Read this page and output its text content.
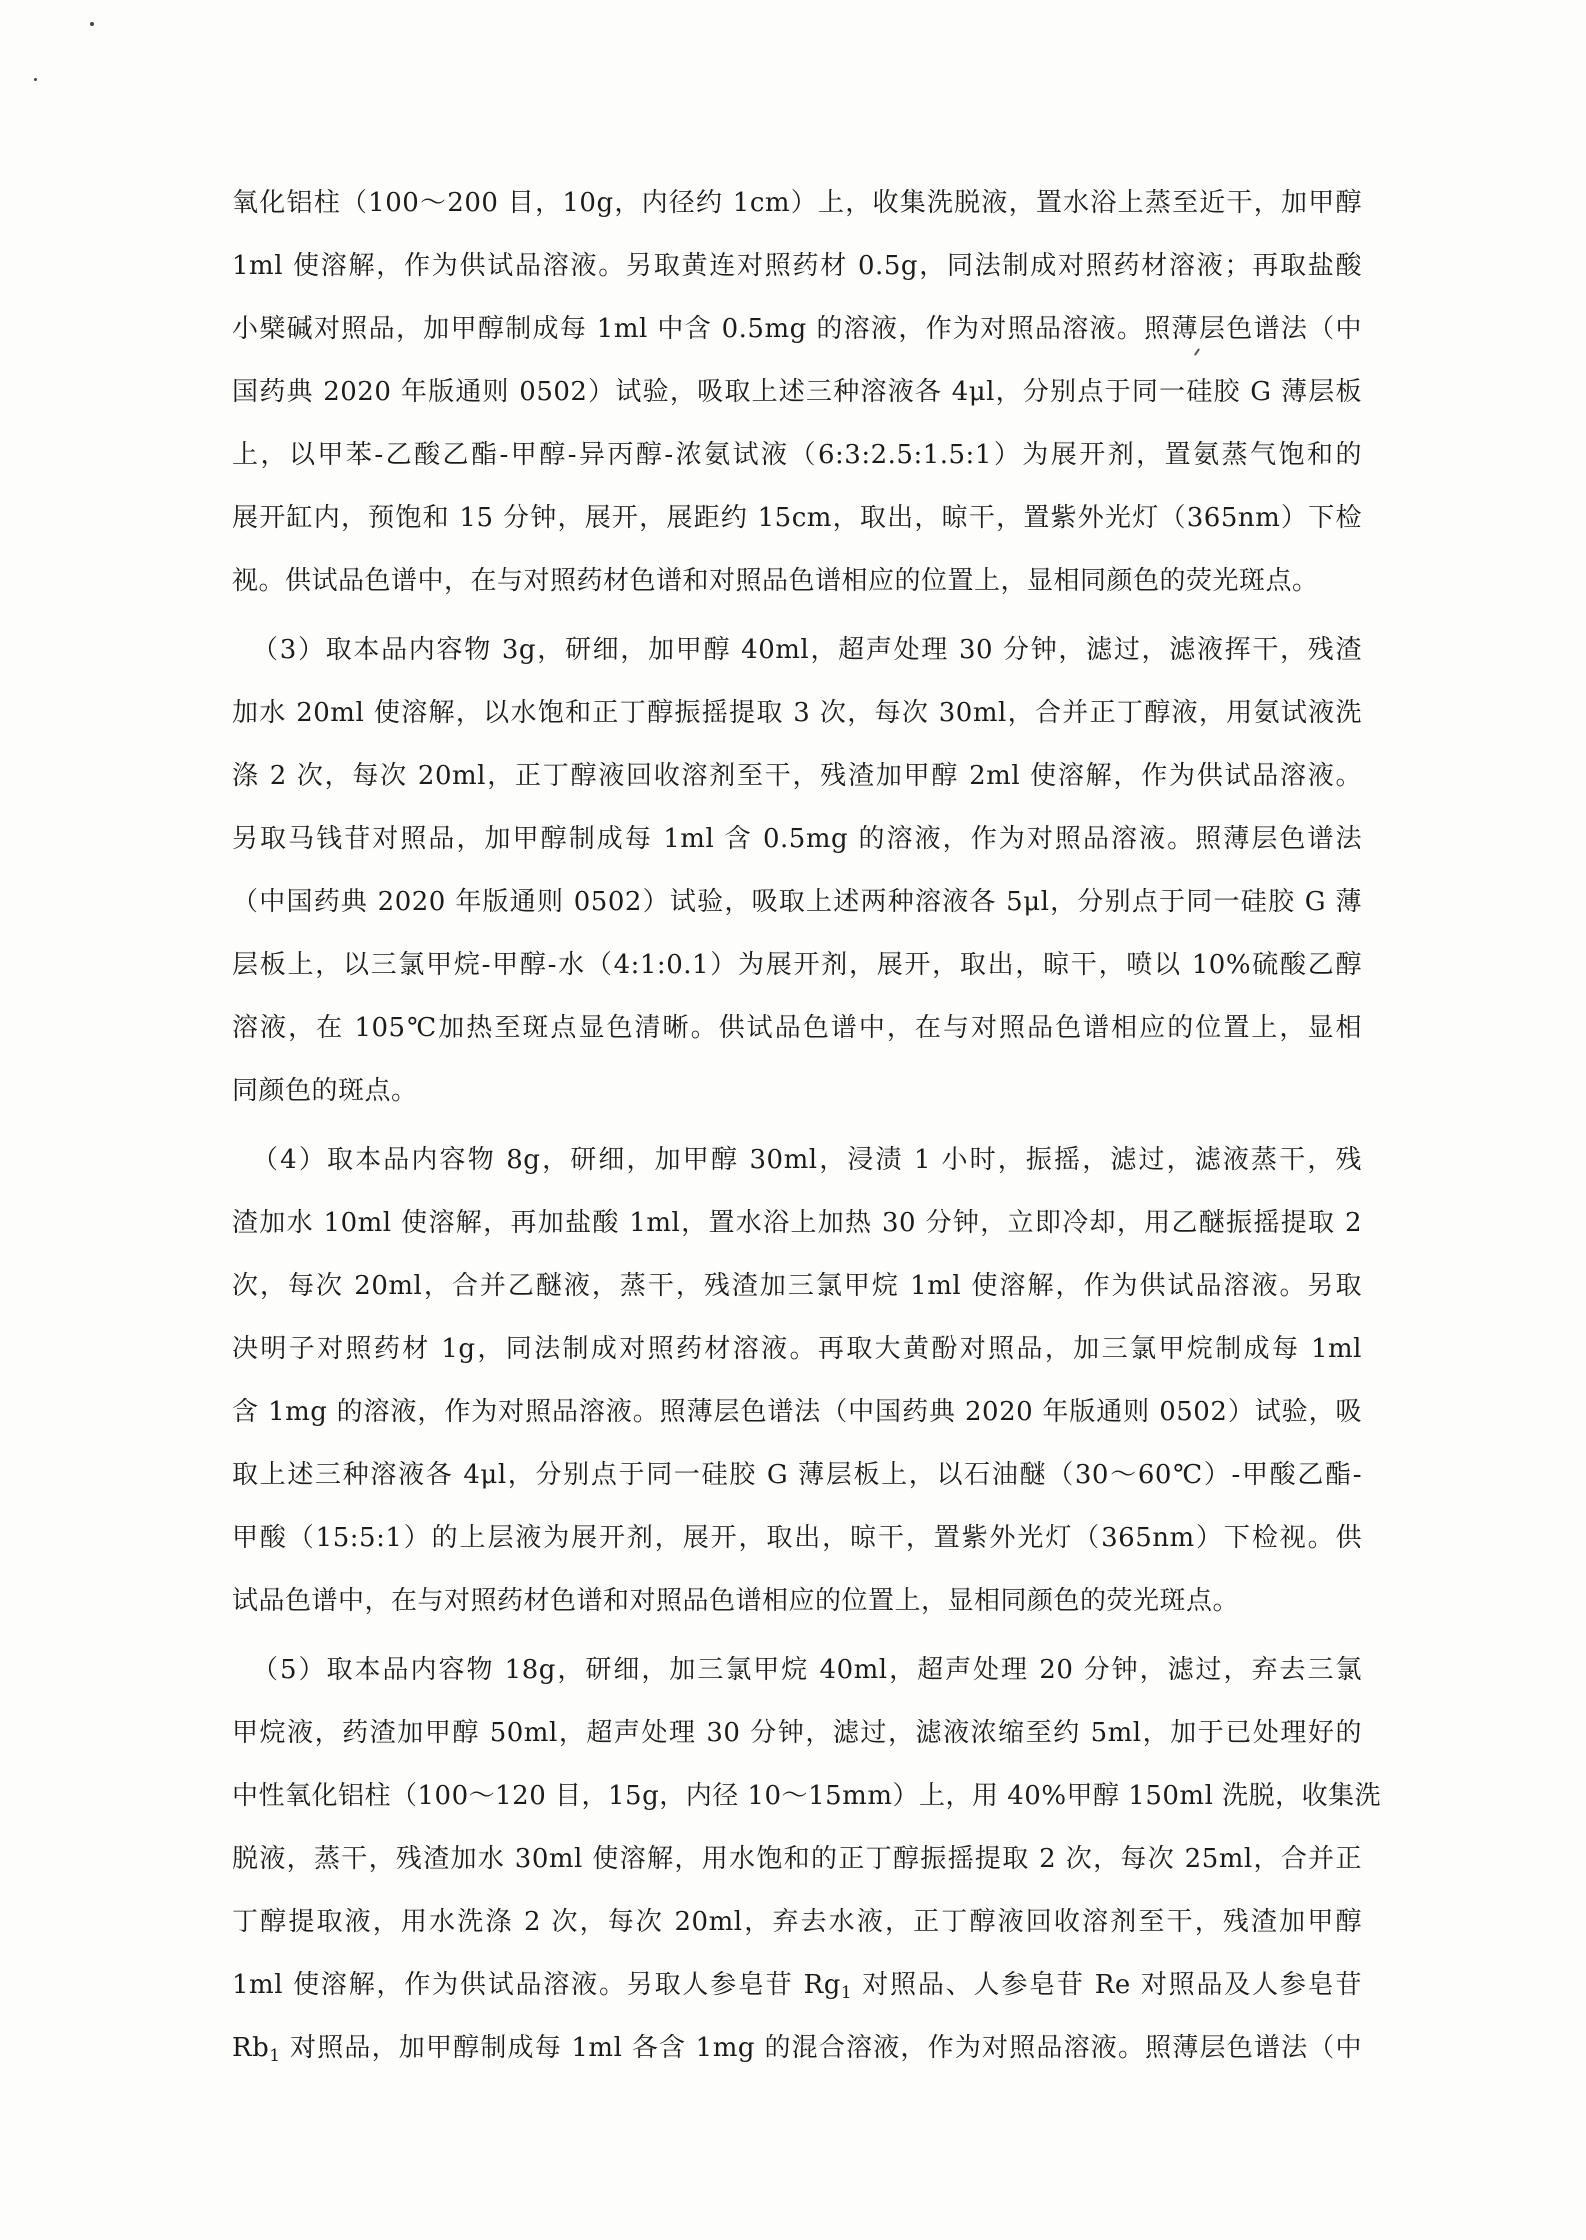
氧化铝柱（100～200 目，10g，内径约 1cm）上，收集洗脱液，置水浴上蒸至近干，加甲醇
1ml 使溶解，作为供试品溶液。另取黄连对照药材 0.5g，同法制成对照药材溶液；再取盐酸
小檗碱对照品，加甲醇制成每 1ml 中含 0.5mg 的溶液，作为对照品溶液。照薄层色谱法（中
国药典 2020 年版通则 0502）试验，吸取上述三种溶液各 4μl，分别点于同一硅胶 G 薄层板
上，以甲苯-乙酸乙酯-甲醇-异丙醇-浓氨试液（6:3:2.5:1.5:1）为展开剂，置氨蒸气饱和的
展开缸内，预饱和 15 分钟，展开，展距约 15cm，取出，晾干，置紫外光灯（365nm）下检
视。供试品色谱中，在与对照药材色谱和对照品色谱相应的位置上，显相同颜色的荧光斑点。
（3）取本品内容物 3g，研细，加甲醇 40ml，超声处理 30 分钟，滤过，滤液挥干，残渣
加水 20ml 使溶解，以水饱和正丁醇振摇提取 3 次，每次 30ml，合并正丁醇液，用氨试液洗
涤 2 次，每次 20ml，正丁醇液回收溶剂至干，残渣加甲醇 2ml 使溶解，作为供试品溶液。
另取马钱苷对照品，加甲醇制成每 1ml 含 0.5mg 的溶液，作为对照品溶液。照薄层色谱法
（中国药典 2020 年版通则 0502）试验，吸取上述两种溶液各 5μl，分别点于同一硅胶 G 薄
层板上，以三氯甲烷-甲醇-水（4:1:0.1）为展开剂，展开，取出，晾干，喷以 10%硫酸乙醇
溶液，在 105℃加热至斑点显色清晰。供试品色谱中，在与对照品色谱相应的位置上，显相
同颜色的斑点。
（4）取本品内容物 8g，研细，加甲醇 30ml，浸渍 1 小时，振摇，滤过，滤液蒸干，残
渣加水 10ml 使溶解，再加盐酸 1ml，置水浴上加热 30 分钟，立即冷却，用乙醚振摇提取 2
次，每次 20ml，合并乙醚液，蒸干，残渣加三氯甲烷 1ml 使溶解，作为供试品溶液。另取
决明子对照药材 1g，同法制成对照药材溶液。再取大黄酚对照品，加三氯甲烷制成每 1ml
含 1mg 的溶液，作为对照品溶液。照薄层色谱法（中国药典 2020 年版通则 0502）试验，吸
取上述三种溶液各 4μl，分别点于同一硅胶 G 薄层板上，以石油醚（30～60℃）-甲酸乙酯-
甲酸（15:5:1）的上层液为展开剂，展开，取出，晾干，置紫外光灯（365nm）下检视。供
试品色谱中，在与对照药材色谱和对照品色谱相应的位置上，显相同颜色的荧光斑点。
（5）取本品内容物 18g，研细，加三氯甲烷 40ml，超声处理 20 分钟，滤过，弃去三氯
甲烷液，药渣加甲醇 50ml，超声处理 30 分钟，滤过，滤液浓缩至约 5ml，加于已处理好的
中性氧化铝柱（100～120 目，15g，内径 10～15mm）上，用 40%甲醇 150ml 洗脱，收集洗
脱液，蒸干，残渣加水 30ml 使溶解，用水饱和的正丁醇振摇提取 2 次，每次 25ml，合并正
丁醇提取液，用水洗涤 2 次，每次 20ml，弃去水液，正丁醇液回收溶剂至干，残渣加甲醇
1ml 使溶解，作为供试品溶液。另取人参皂苷 $Rg_1$ 对照品、人参皂苷 Re 对照品及人参皂苷
$Rb_1$ 对照品，加甲醇制成每 1ml 各含 1mg 的混合溶液，作为对照品溶液。照薄层色谱法（中
